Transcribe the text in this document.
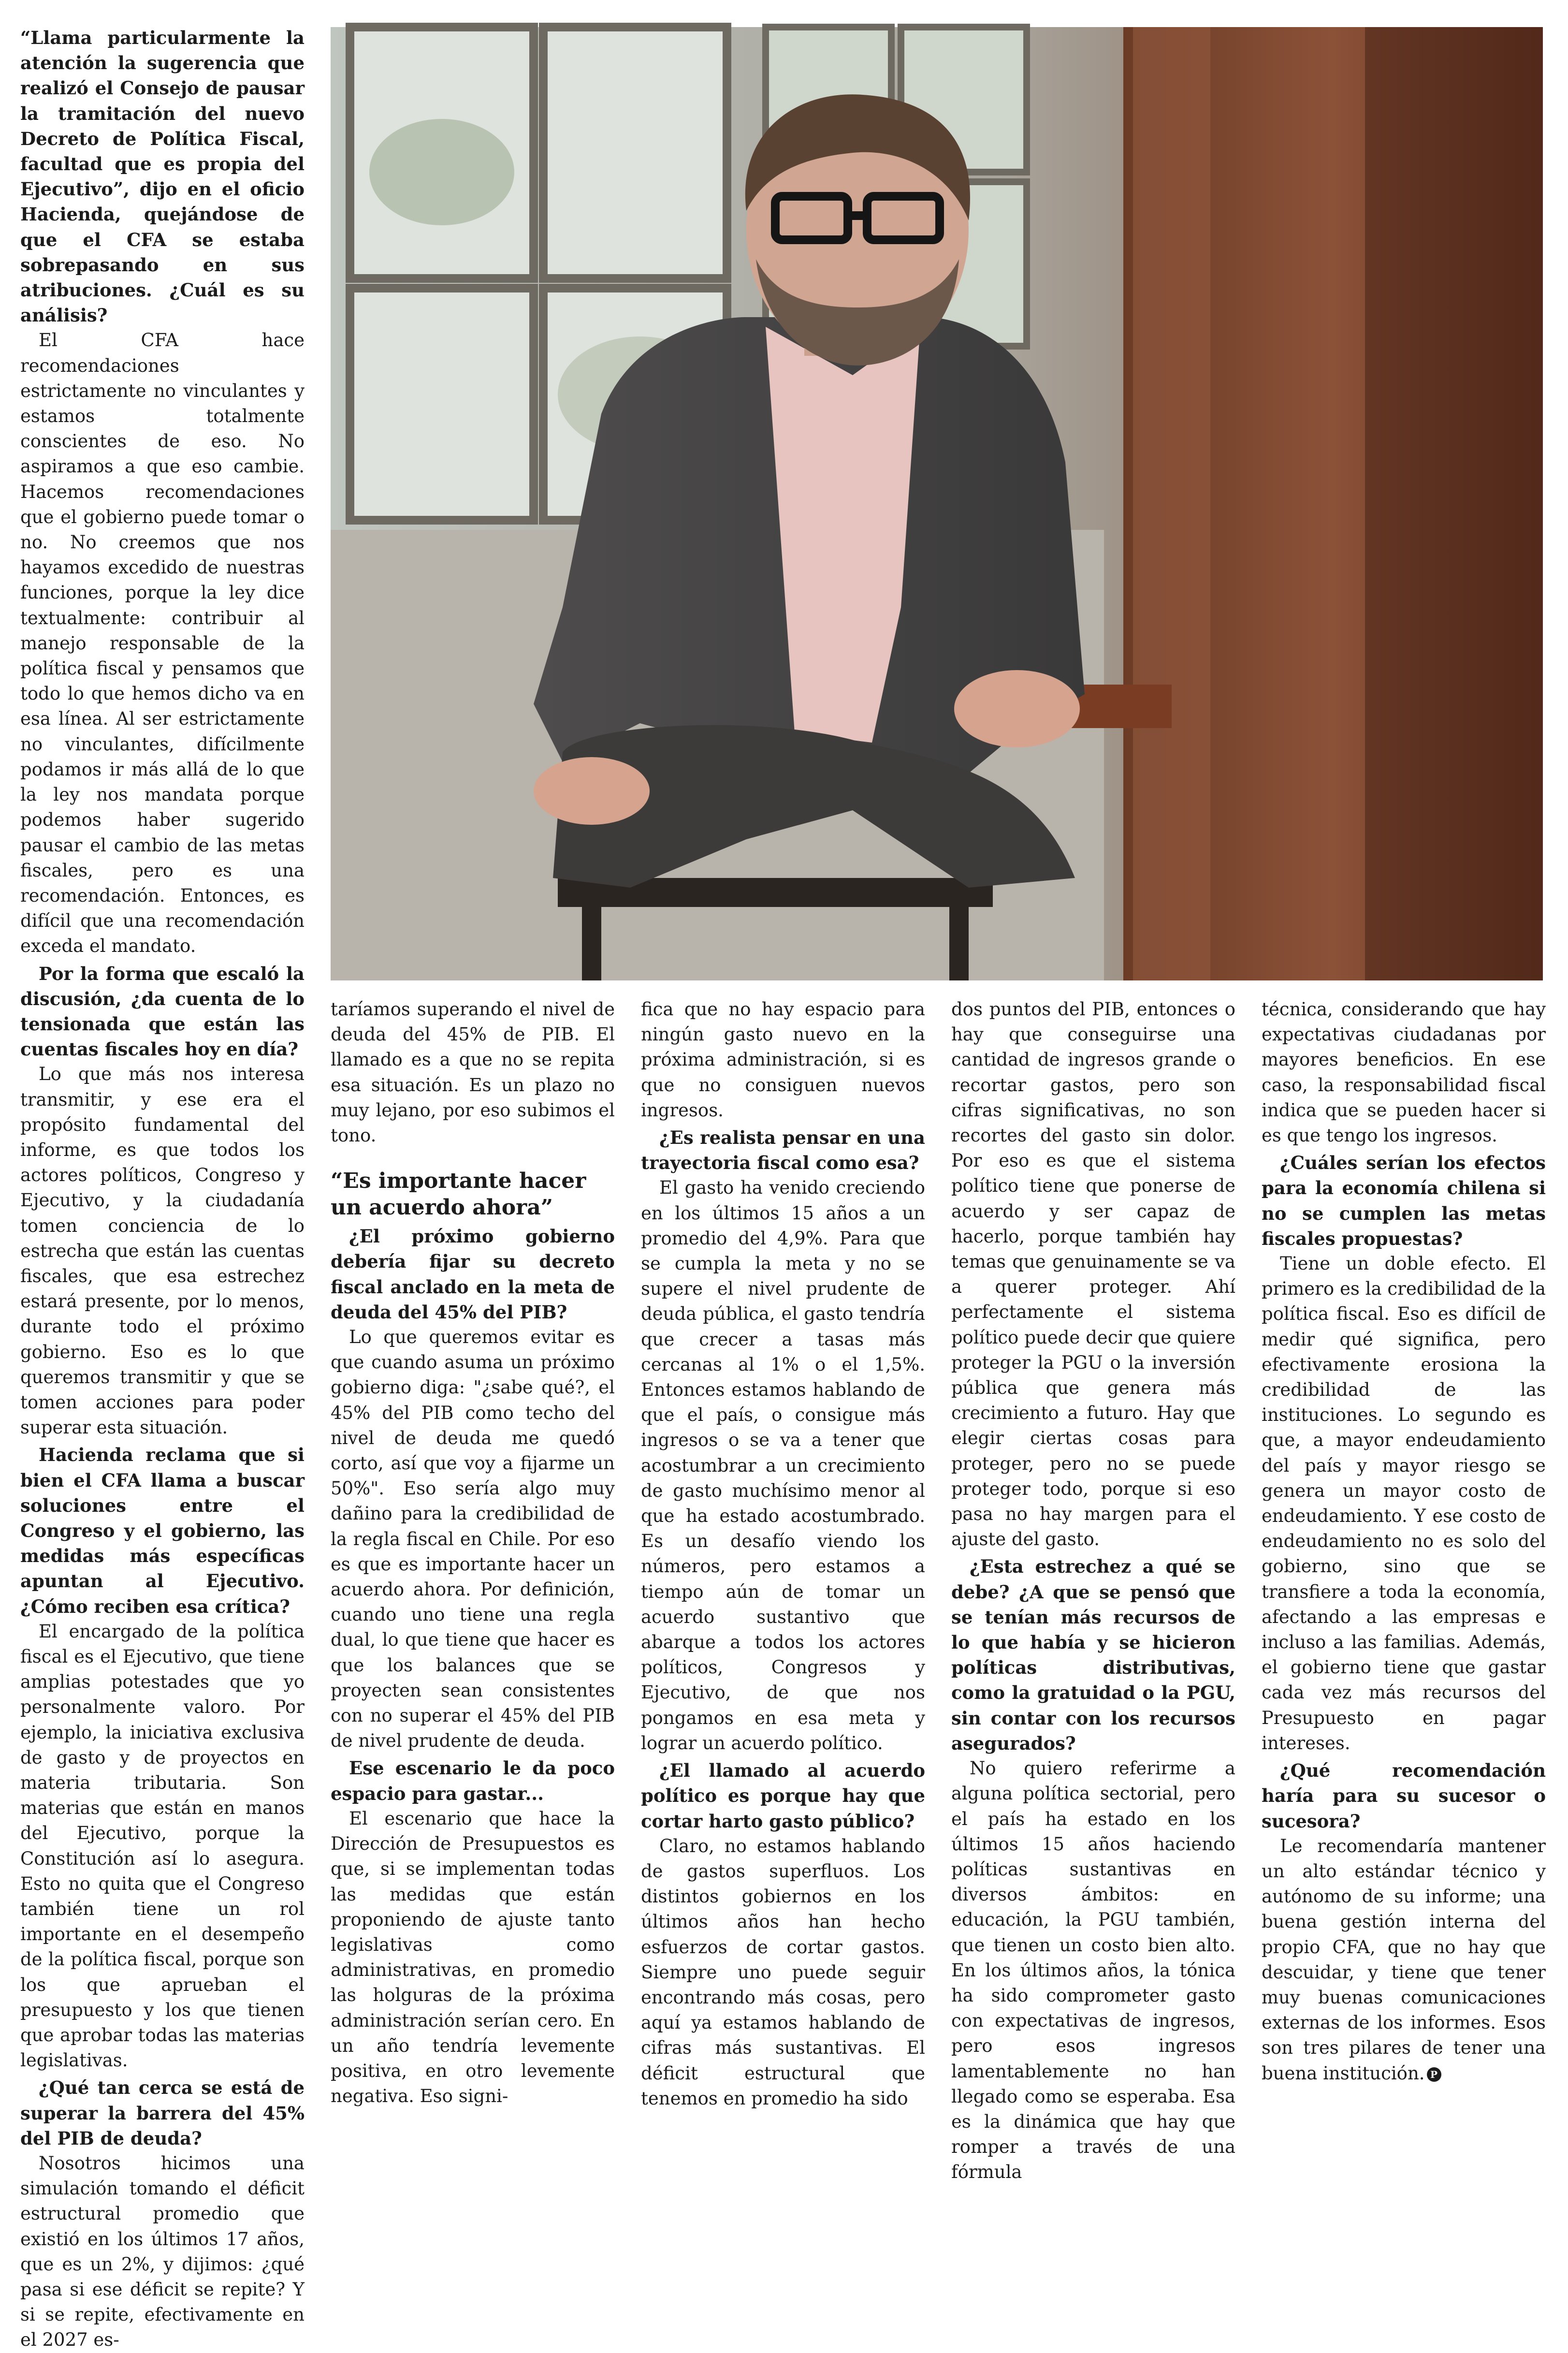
“Llama particularmente la atención la sugerencia que realizó el Consejo de pausar la tramitación del nuevo Decreto de Política Fiscal, facultad que es propia del Ejecutivo”, dijo en el oficio Hacienda, quejándose de que el CFA se estaba sobrepasando en sus atribuciones. ¿Cuál es su análisis?

El CFA hace recomendaciones estrictamente no vinculantes y estamos totalmente conscientes de eso. No aspiramos a que eso cambie. Hacemos recomendaciones que el gobierno puede tomar o no. No creemos que nos hayamos excedido de nuestras funciones, porque la ley dice textualmente: contribuir al manejo responsable de la política fiscal y pensamos que todo lo que hemos dicho va en esa línea. Al ser estrictamente no vinculantes, difícilmente podamos ir más allá de lo que la ley nos mandata porque podemos haber sugerido pausar el cambio de las metas fiscales, pero es una recomendación. Entonces, es difícil que una recomendación exceda el mandato.

Por la forma que escaló la discusión, ¿da cuenta de lo tensionada que están las cuentas fiscales hoy en día?

Lo que más nos interesa transmitir, y ese era el propósito fundamental del informe, es que todos los actores políticos, Congreso y Ejecutivo, y la ciudadanía tomen conciencia de lo estrecha que están las cuentas fiscales, que esa estrechez estará presente, por lo menos, durante todo el próximo gobierno. Eso es lo que queremos transmitir y que se tomen acciones para poder superar esta situación.

Hacienda reclama que si bien el CFA llama a buscar soluciones entre el Congreso y el gobierno, las medidas más específicas apuntan al Ejecutivo. ¿Cómo reciben esa crítica?

El encargado de la política fiscal es el Ejecutivo, que tiene amplias potestades que yo personalmente valoro. Por ejemplo, la iniciativa exclusiva de gasto y de proyectos en materia tributaria. Son materias que están en manos del Ejecutivo, porque la Constitución así lo asegura. Esto no quita que el Congreso también tiene un rol importante en el desempeño de la política fiscal, porque son los que aprueban el presupuesto y los que tienen que aprobar todas las materias legislativas.

¿Qué tan cerca se está de superar la barrera del 45% del PIB de deuda?

Nosotros hicimos una simulación tomando el déficit estructural promedio que existió en los últimos 17 años, que es un 2%, y dijimos: ¿qué pasa si ese déficit se repite? Y si se repite, efectivamente en el 2027 es-

taríamos superando el nivel de deuda del 45% de PIB. El llamado es a que no se repita esa situación. Es un plazo no muy lejano, por eso subimos el tono.

“Es importante hacer un acuerdo ahora”

¿El próximo gobierno debería fijar su decreto fiscal anclado en la meta de deuda del 45% del PIB?

Lo que queremos evitar es que cuando asuma un próximo gobierno diga: "¿sabe qué?, el 45% del PIB como techo del nivel de deuda me quedó corto, así que voy a fijarme un 50%". Eso sería algo muy dañino para la credibilidad de la regla fiscal en Chile. Por eso es que es importante hacer un acuerdo ahora. Por definición, cuando uno tiene una regla dual, lo que tiene que hacer es que los balances que se proyecten sean consistentes con no superar el 45% del PIB de nivel prudente de deuda.

Ese escenario le da poco espacio para gastar...

El escenario que hace la Dirección de Presupuestos es que, si se implementan todas las medidas que están proponiendo de ajuste tanto legislativas como administrativas, en promedio las holguras de la próxima administración serían cero. En un año tendría levemente positiva, en otro levemente negativa. Eso signi-

fica que no hay espacio para ningún gasto nuevo en la próxima administración, si es que no consiguen nuevos ingresos.

¿Es realista pensar en una trayectoria fiscal como esa?

El gasto ha venido creciendo en los últimos 15 años a un promedio del 4,9%. Para que se cumpla la meta y no se supere el nivel prudente de deuda pública, el gasto tendría que crecer a tasas más cercanas al 1% o el 1,5%. Entonces estamos hablando de que el país, o consigue más ingresos o se va a tener que acostumbrar a un crecimiento de gasto muchísimo menor al que ha estado acostumbrado. Es un desafío viendo los números, pero estamos a tiempo aún de tomar un acuerdo sustantivo que abarque a todos los actores políticos, Congresos y Ejecutivo, de que nos pongamos en esa meta y lograr un acuerdo político.

¿El llamado al acuerdo político es porque hay que cortar harto gasto público?

Claro, no estamos hablando de gastos superfluos. Los distintos gobiernos en los últimos años han hecho esfuerzos de cortar gastos. Siempre uno puede seguir encontrando más cosas, pero aquí ya estamos hablando de cifras más sustantivas. El déficit estructural que tenemos en promedio ha sido

dos puntos del PIB, entonces o hay que conseguirse una cantidad de ingresos grande o recortar gastos, pero son cifras significativas, no son recortes del gasto sin dolor. Por eso es que el sistema político tiene que ponerse de acuerdo y ser capaz de hacerlo, porque también hay temas que genuinamente se va a querer proteger. Ahí perfectamente el sistema político puede decir que quiere proteger la PGU o la inversión pública que genera más crecimiento a futuro. Hay que elegir ciertas cosas para proteger, pero no se puede proteger todo, porque si eso pasa no hay margen para el ajuste del gasto.

¿Esta estrechez a qué se debe? ¿A que se pensó que se tenían más recursos de lo que había y se hicieron políticas distributivas, como la gratuidad o la PGU, sin contar con los recursos asegurados?

No quiero referirme a alguna política sectorial, pero el país ha estado en los últimos 15 años haciendo políticas sustantivas en diversos ámbitos: en educación, la PGU también, que tienen un costo bien alto. En los últimos años, la tónica ha sido comprometer gasto con expectativas de ingresos, pero esos ingresos lamentablemente no han llegado como se esperaba. Esa es la dinámica que hay que romper a través de una fórmula

técnica, considerando que hay expectativas ciudadanas por mayores beneficios. En ese caso, la responsabilidad fiscal indica que se pueden hacer si es que tengo los ingresos.

¿Cuáles serían los efectos para la economía chilena si no se cumplen las metas fiscales propuestas?

Tiene un doble efecto. El primero es la credibilidad de la política fiscal. Eso es difícil de medir qué significa, pero efectivamente erosiona la credibilidad de las instituciones. Lo segundo es que, a mayor endeudamiento del país y mayor riesgo se genera un mayor costo de endeudamiento. Y ese costo de endeudamiento no es solo del gobierno, sino que se transfiere a toda la economía, afectando a las empresas e incluso a las familias. Además, el gobierno tiene que gastar cada vez más recursos del Presupuesto en pagar intereses.

¿Qué recomendación haría para su sucesor o sucesora?

Le recomendaría mantener un alto estándar técnico y autónomo de su informe; una buena gestión interna del propio CFA, que no hay que descuidar, y tiene que tener muy buenas comunicaciones externas de los informes. Esos son tres pilares de tener una buena institución. P
